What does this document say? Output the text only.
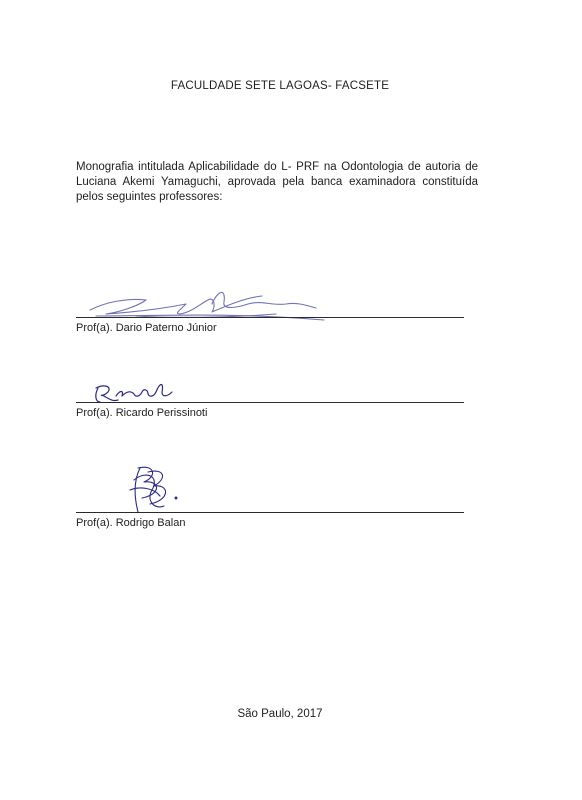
FACULDADE SETE LAGOAS- FACSETE
Monografia intitulada Aplicabilidade do L- PRF na Odontologia de autoria de Luciana Akemi Yamaguchi, aprovada pela banca examinadora constituída pelos seguintes professores:
Prof(a). Dario Paterno Júnior
Prof(a). Ricardo Perissinoti
Prof(a). Rodrigo Balan
São Paulo, 2017
